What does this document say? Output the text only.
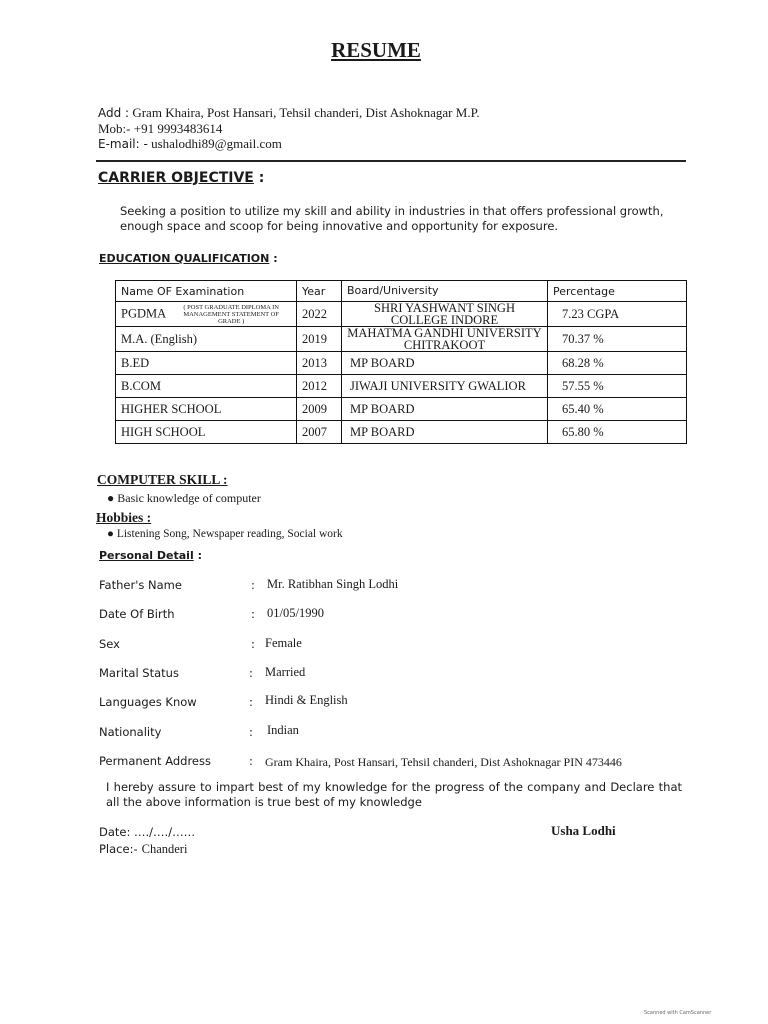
RESUME
Add : Gram Khaira, Post Hansari, Tehsil chanderi, Dist Ashoknagar M.P.
Mob:- +91 9993483614
E-mail: - ushalodhi89@gmail.com
CARRIER OBJECTIVE :
Seeking a position to utilize my skill and ability in industries in that offers professional growth, enough space and scoop for being innovative and opportunity for exposure.
EDUCATION QUALIFICATION :
Name OF Examination	Year	Board/University	Percentage
PGDMA ( POST GRADUATE DIPLOMA IN MANAGEMENT STATEMENT OF GRADE )	2022	SHRI YASHWANT SINGH COLLEGE INDORE	7.23 CGPA
M.A. (English)	2019	MAHATMA GANDHI UNIVERSITY CHITRAKOOT	70.37 %
B.ED	2013	MP BOARD	68.28 %
B.COM	2012	JIWAJI UNIVERSITY GWALIOR	57.55 %
HIGHER SCHOOL	2009	MP BOARD	65.40 %
HIGH SCHOOL	2007	MP BOARD	65.80 %
COMPUTER SKILL :
● Basic knowledge of computer
Hobbies :
● Listening Song, Newspaper reading, Social work
Personal Detail :
Father's Name	: Mr. Ratibhan Singh Lodhi
Date Of Birth	: 01/05/1990
Sex	: Female
Marital Status	: Married
Languages Know	: Hindi & English
Nationality	: Indian
Permanent Address	: Gram Khaira, Post Hansari, Tehsil chanderi, Dist Ashoknagar PIN 473446
I hereby assure to impart best of my knowledge for the progress of the company and Declare that all the above information is true best of my knowledge
Date: …./…./……
Place:- Chanderi
Usha Lodhi
Scanned with CamScanner
